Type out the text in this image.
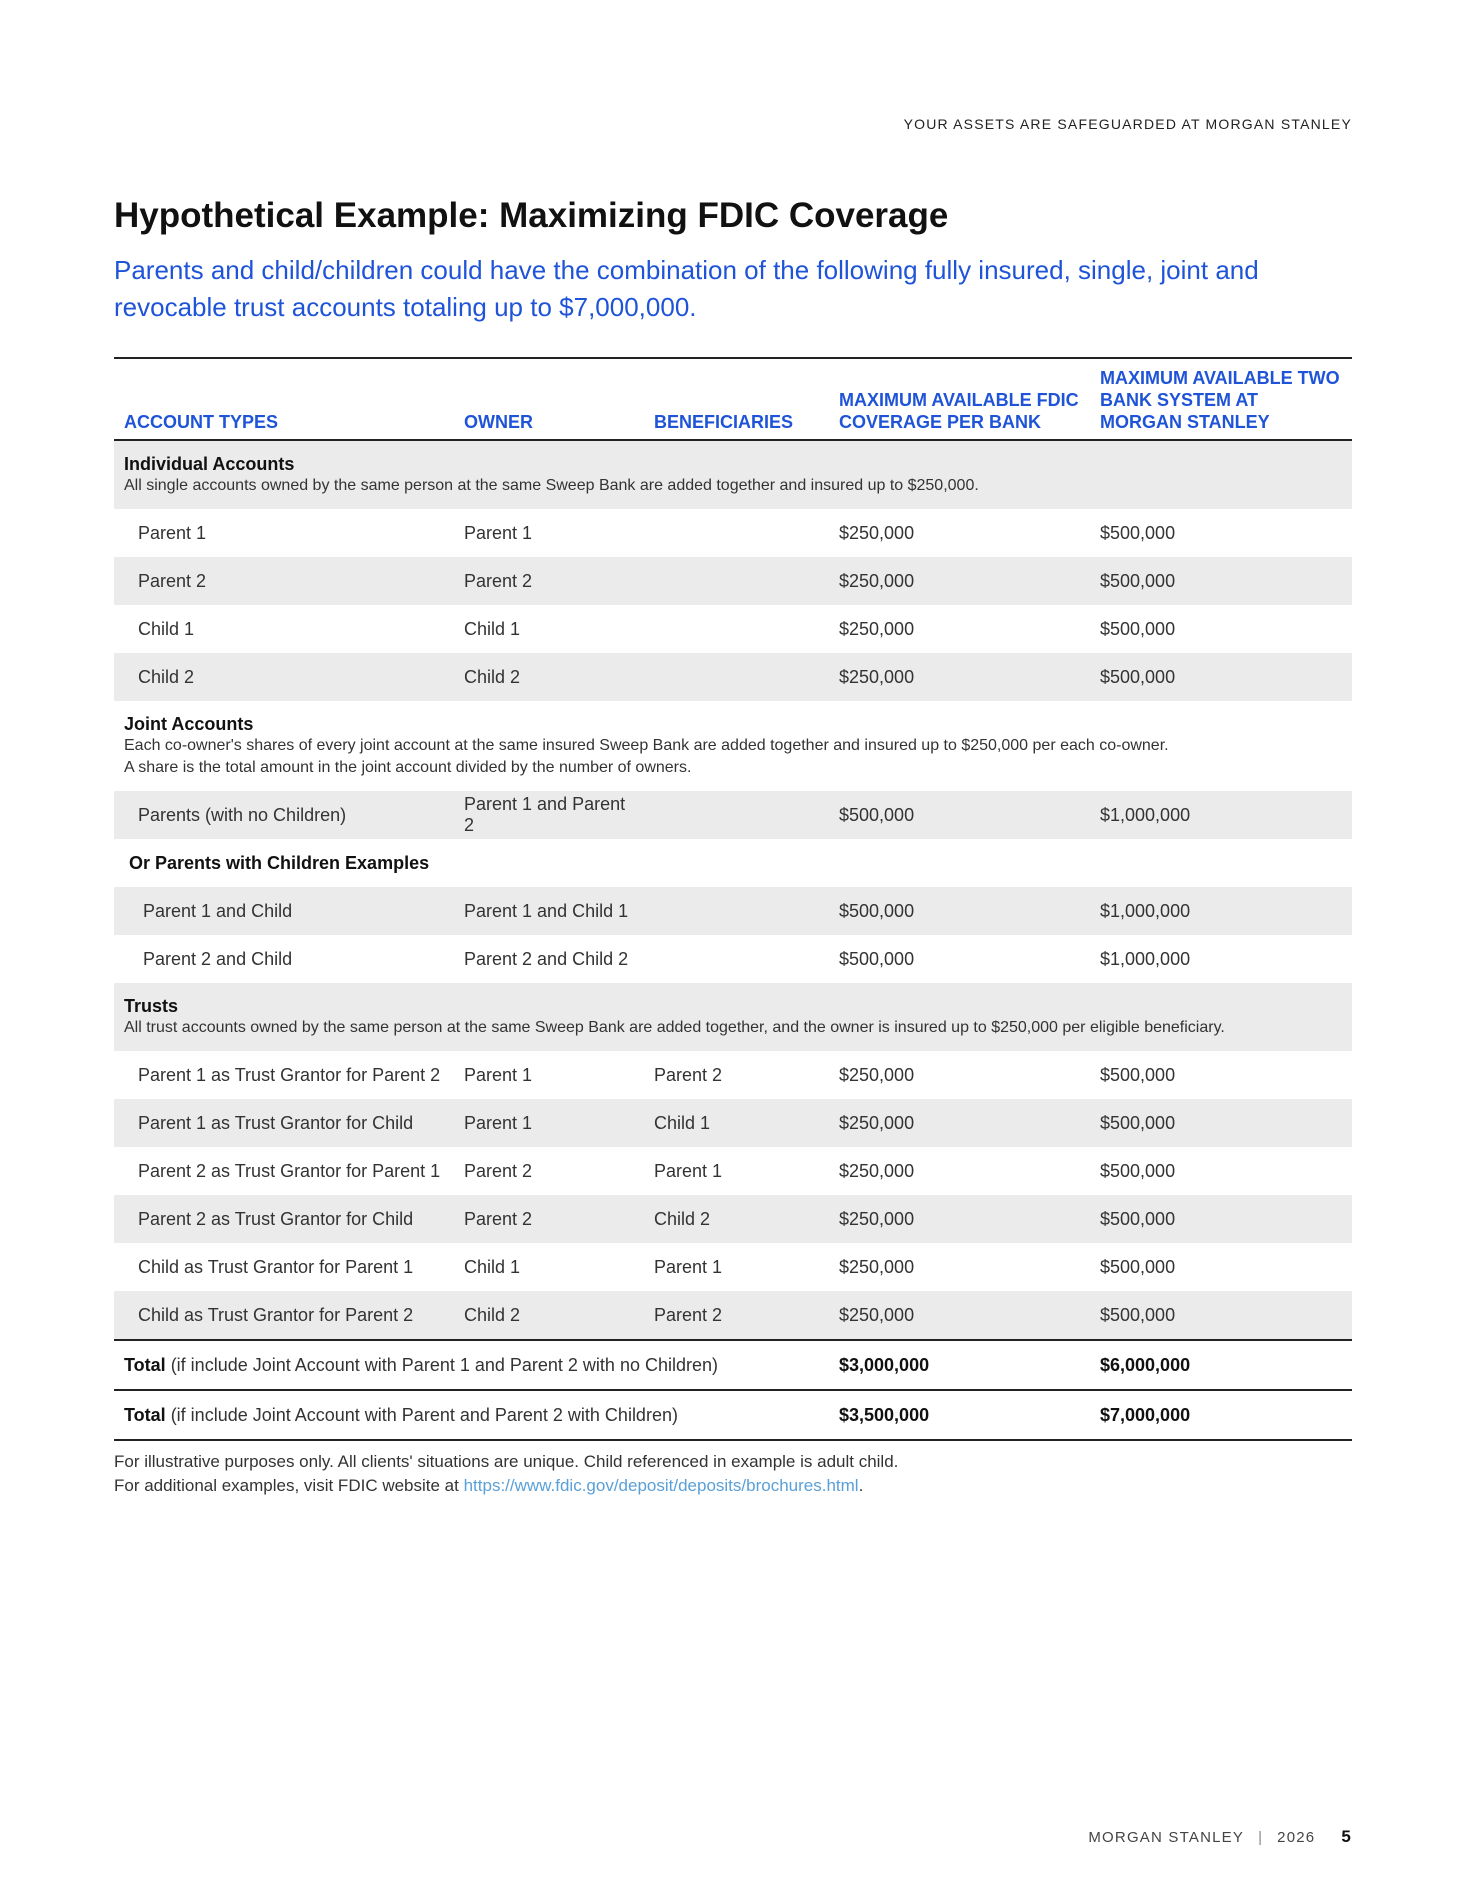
YOUR ASSETS ARE SAFEGUARDED AT MORGAN STANLEY
Hypothetical Example: Maximizing FDIC Coverage

Parents and child/children could have the combination of the following fully insured, single, joint and revocable trust accounts totaling up to $7,000,000.

ACCOUNT TYPES	OWNER	BENEFICIARIES	MAXIMUM AVAILABLE FDIC COVERAGE PER BANK	MAXIMUM AVAILABLE TWO BANK SYSTEM AT MORGAN STANLEY

Individual Accounts
All single accounts owned by the same person at the same Sweep Bank are added together and insured up to $250,000.				

Parent 1	Parent 1		$250,000	$500,000
Parent 2	Parent 2		$250,000	$500,000
Child 1	Child 1		$250,000	$500,000
Child 2	Child 2		$250,000	$500,000

Joint Accounts
Each co-owner's shares of every joint account at the same insured Sweep Bank are added together and insured up to $250,000 per each co-owner.
A share is the total amount in the joint account divided by the number of owners.				

Parents (with no Children)	Parent 1 and Parent 2		$500,000	$1,000,000
Or Parents with Children Examples				
Parent 1 and Child	Parent 1 and Child 1		$500,000	$1,000,000
Parent 2 and Child	Parent 2 and Child 2		$500,000	$1,000,000

Trusts
All trust accounts owned by the same person at the same Sweep Bank are added together, and the owner is insured up to $250,000 per eligible beneficiary.				

Parent 1 as Trust Grantor for Parent 2	Parent 1	Parent 2	$250,000	$500,000
Parent 1 as Trust Grantor for Child	Parent 1	Child 1	$250,000	$500,000
Parent 2 as Trust Grantor for Parent 1	Parent 2	Parent 1	$250,000	$500,000
Parent 2 as Trust Grantor for Child	Parent 2	Child 2	$250,000	$500,000
Child as Trust Grantor for Parent 1	Child 1	Parent 1	$250,000	$500,000
Child as Trust Grantor for Parent 2	Child 2	Parent 2	$250,000	$500,000
Total (if include Joint Account with Parent 1 and Parent 2 with no Children)			$3,000,000	$6,000,000
Total (if include Joint Account with Parent and Parent 2 with Children)			$3,500,000	$7,000,000
For illustrative purposes only. All clients' situations are unique. Child referenced in example is adult child.
For additional examples, visit FDIC website at https://www.fdic.gov/deposit/deposits/brochures.html.
MORGAN STANLEY | 2026 5
